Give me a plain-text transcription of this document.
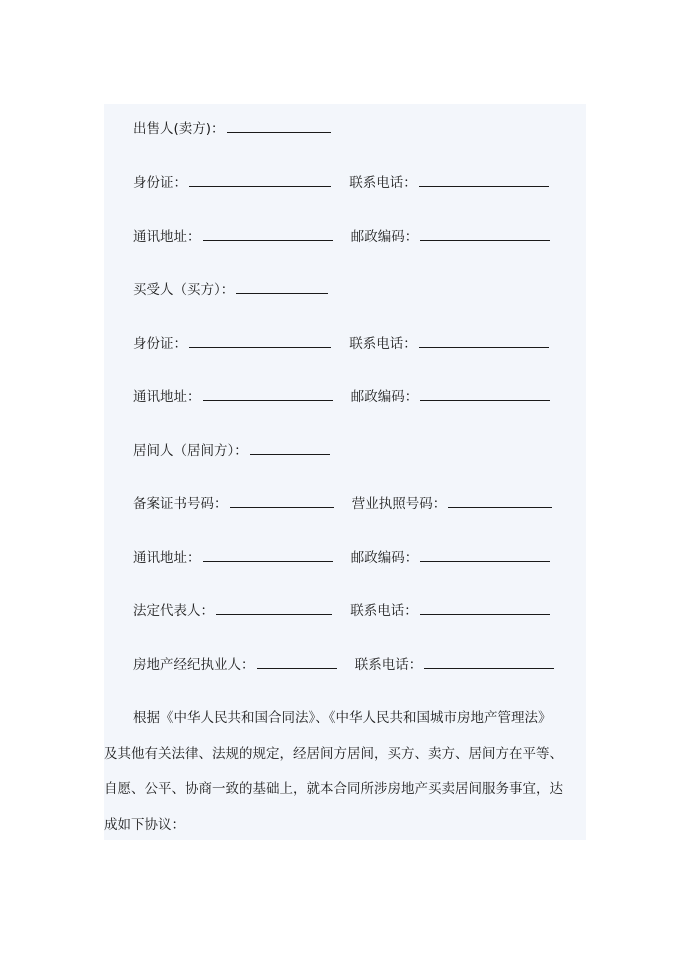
出售人(卖方)：
身份证：	联系电话：
通讯地址：	邮政编码：
买受人（买方）：
身份证：	联系电话：
通讯地址：	邮政编码：
居间人（居间方）：
备案证书号码：	营业执照号码：
通讯地址：	邮政编码：
法定代表人：	联系电话：
房地产经纪执业人：	联系电话：
根据《中华人民共和国合同法》、《中华人民共和国城市房地产管理法》
及其他有关法律、法规的规定，经居间方居间，买方、卖方、居间方在平等、
自愿、公平、协商一致的基础上，就本合同所涉房地产买卖居间服务事宜，达
成如下协议：
